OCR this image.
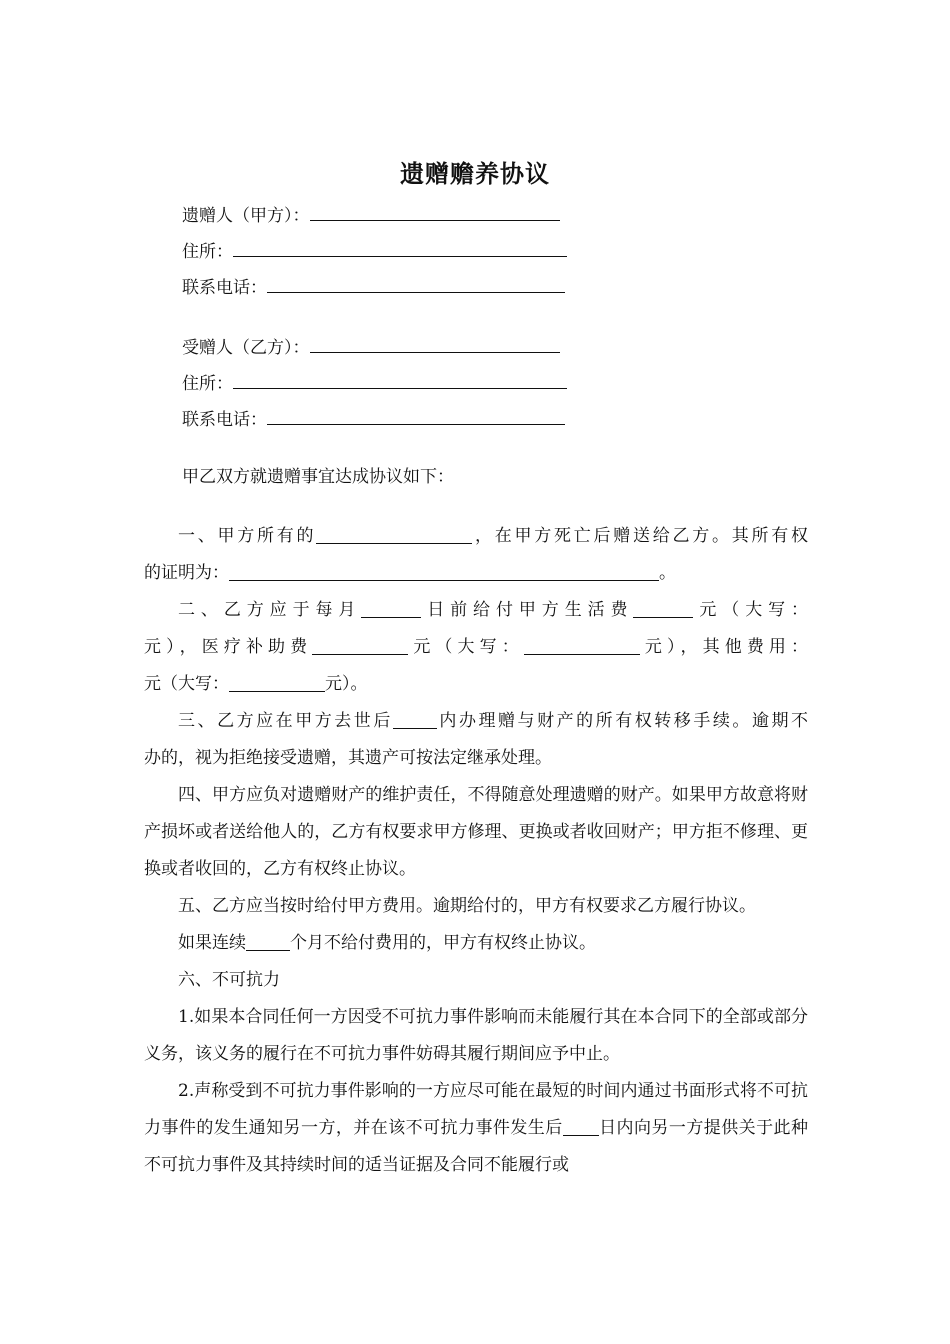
遗赠赡养协议
遗赠人（甲方）：
住所：
联系电话：
受赠人（乙方）：
住所：
联系电话：
甲乙双方就遗赠事宜达成协议如下：

一、甲方所有的	，在甲方死亡后赠送给乙方。其所有权

的证明为：	。

二、乙方应于每月	日前给付甲方生活费	元（大写：

元），医疗补助费	元（大写：	元），其他费用：

元（大写：	元）。

三、乙方应在甲方去世后	内办理赠与财产的所有权转移手续。逾期不

办的，视为拒绝接受遗赠，其遗产可按法定继承处理。

四、甲方应负对遗赠财产的维护责任，不得随意处理遗赠的财产。如果甲方故意将财产损坏或者送给他人的，乙方有权要求甲方修理、更换或者收回财产；甲方拒不修理、更换或者收回的，乙方有权终止协议。

五、乙方应当按时给付甲方费用。逾期给付的，甲方有权要求乙方履行协议。

如果连续	个月不给付费用的，甲方有权终止协议。

六、不可抗力

1.如果本合同任何一方因受不可抗力事件影响而未能履行其在本合同下的全部或部分义务，该义务的履行在不可抗力事件妨碍其履行期间应予中止。

2.声称受到不可抗力事件影响的一方应尽可能在最短的时间内通过书面形式将不可抗力事件的发生通知另一方，并在该不可抗力事件发生后 日内向另一方提供关于此种不可抗力事件及其持续时间的适当证据及合同不能履行或
